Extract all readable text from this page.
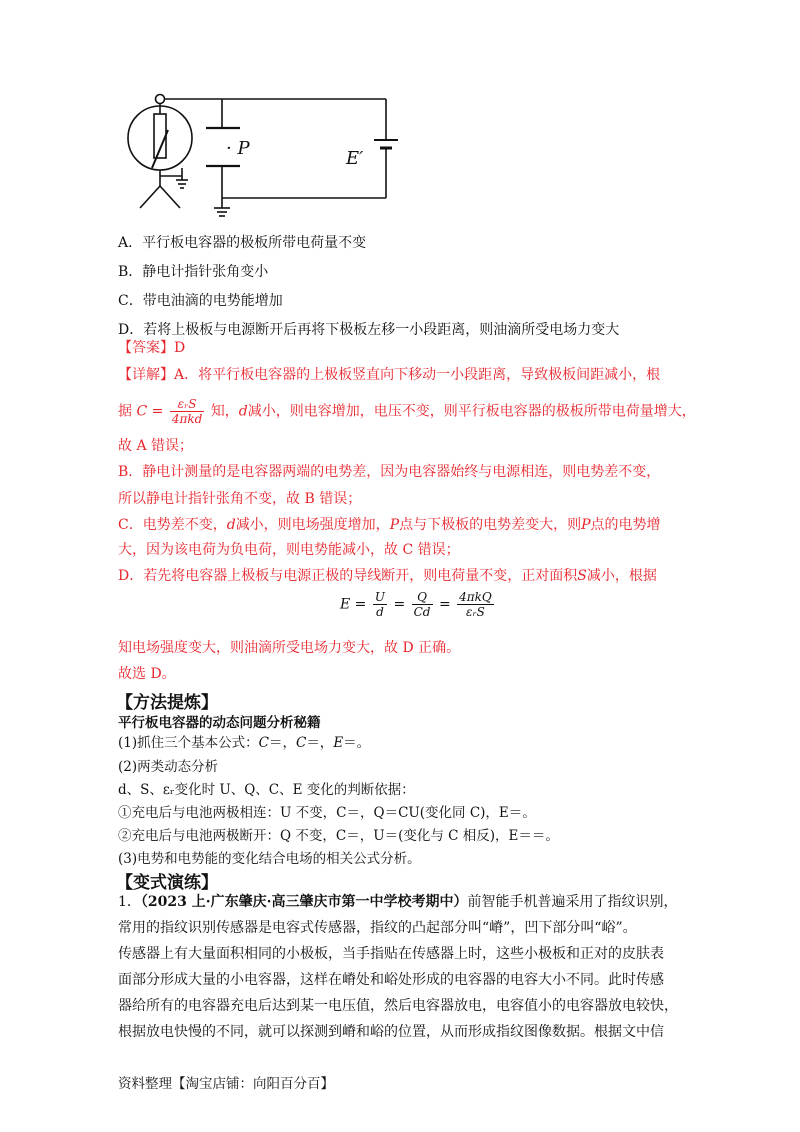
· P	E′
A．平行板电容器的极板所带电荷量不变
B．静电计指针张角变小
C．带电油滴的电势能增加
D．若将上极板与电源断开后再将下极板左移一小段距离，则油滴所受电场力变大
【答案】D
【详解】A．将平行板电容器的上极板竖直向下移动一小段距离，导致极板间距减小，根
据 $C = \frac{\text{εᵣS}}{\text{4πkd}}$ 知，d减小，则电容增加，电压不变，则平行板电容器的极板所带电荷量增大，
故 A 错误；
B．静电计测量的是电容器两端的电势差，因为电容器始终与电源相连，则电势差不变，
所以静电计指针张角不变，故 B 错误；
C．电势差不变，d减小，则电场强度增加，P点与下极板的电势差变大，则P点的电势增
大，因为该电荷为负电荷，则电势能减小，故 C 错误；
D．若先将电容器上极板与电源正极的导线断开，则电荷量不变，正对面积S减小，根据
$E = \frac{U}{d} = \frac{Q}{Cd} = \frac{\text{4πkQ}}{\text{εᵣS}}$
知电场强度变大，则油滴所受电场力变大，故 D 正确。
故选 D。
【方法提炼】
平行板电容器的动态问题分析秘籍
(1)抓住三个基本公式：C＝，C＝，E＝。
(2)两类动态分析
d、S、εᵣ变化时 U、Q、C、E 变化的判断依据：
①充电后与电池两极相连：U 不变，C＝，Q＝CU(变化同 C)，E＝。
②充电后与电池两极断开：Q 不变，C＝，U＝(变化与 C 相反)，E＝＝。
(3)电势和电势能的变化结合电场的相关公式分析。
【变式演练】
1．（2023 上·广东肇庆·高三肇庆市第一中学校考期中）前智能手机普遍采用了指纹识别，
常用的指纹识别传感器是电容式传感器，指纹的凸起部分叫“嵴”，凹下部分叫“峪”。
传感器上有大量面积相同的小极板，当手指贴在传感器上时，这些小极板和正对的皮肤表
面部分形成大量的小电容器，这样在嵴处和峪处形成的电容器的电容大小不同。此时传感
器给所有的电容器充电后达到某一电压值，然后电容器放电，电容值小的电容器放电较快，
根据放电快慢的不同，就可以探测到嵴和峪的位置，从而形成指纹图像数据。根据文中信
资料整理【淘宝店铺：向阳百分百】
